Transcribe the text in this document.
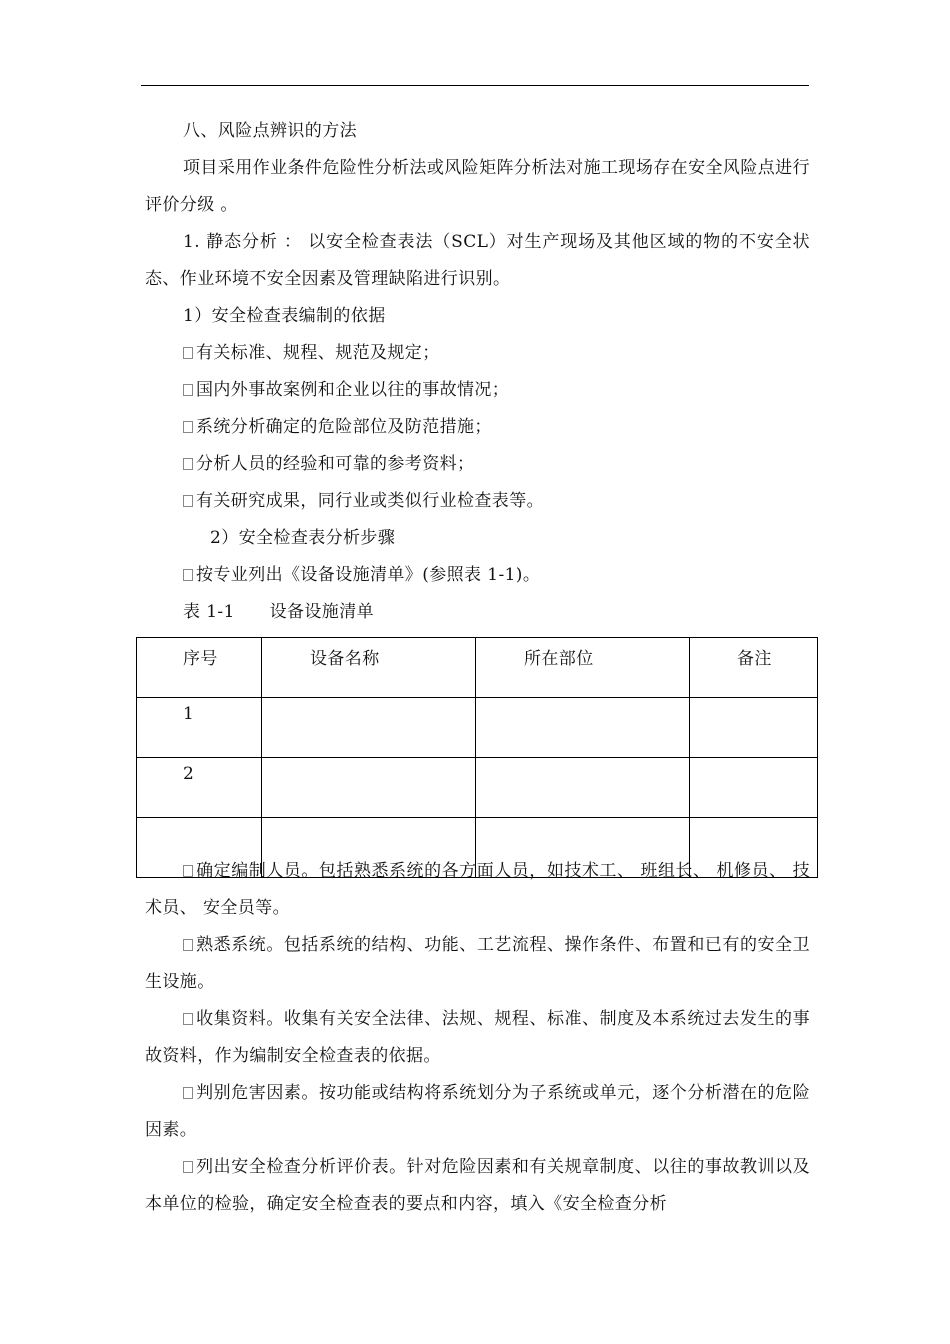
八、风险点辨识的方法

项目采用作业条件危险性分析法或风险矩阵分析法对施工现场存在安全风险点进行 评价分级 。

1. 静态分析 ： 以安全检查表法（SCL）对生产现场及其他区域的物的不安全状态、作业环境不安全因素及管理缺陷进行识别。

1）安全检查表编制的依据

有关标准、规程、规范及规定；

国内外事故案例和企业以往的事故情况；

系统分析确定的危险部位及防范措施；

分析人员的经验和可靠的参考资料；

有关研究成果，同行业或类似行业检查表等。

2）安全检查表分析步骤

按专业列出《设备设施清单》(参照表 1-1)。

表 1-1      设备设施清单

序号	设备名称	所在部位	备注
1			
2			

确定编制人员。包括熟悉系统的各方面人员，如技术工、 班组长、 机修员、 技术员、 安全员等。

熟悉系统。包括系统的结构、功能、工艺流程、操作条件、布置和已有的安全卫生设施。

收集资料。收集有关安全法律、法规、规程、标准、制度及本系统过去发生的事故资料，作为编制安全检查表的依据。

判别危害因素。按功能或结构将系统划分为子系统或单元，逐个分析潜在的危险因素。

列出安全检查分析评价表。针对危险因素和有关规章制度、以往的事故教训以及本单位的检验，确定安全检查表的要点和内容，填入《安全检查分析
